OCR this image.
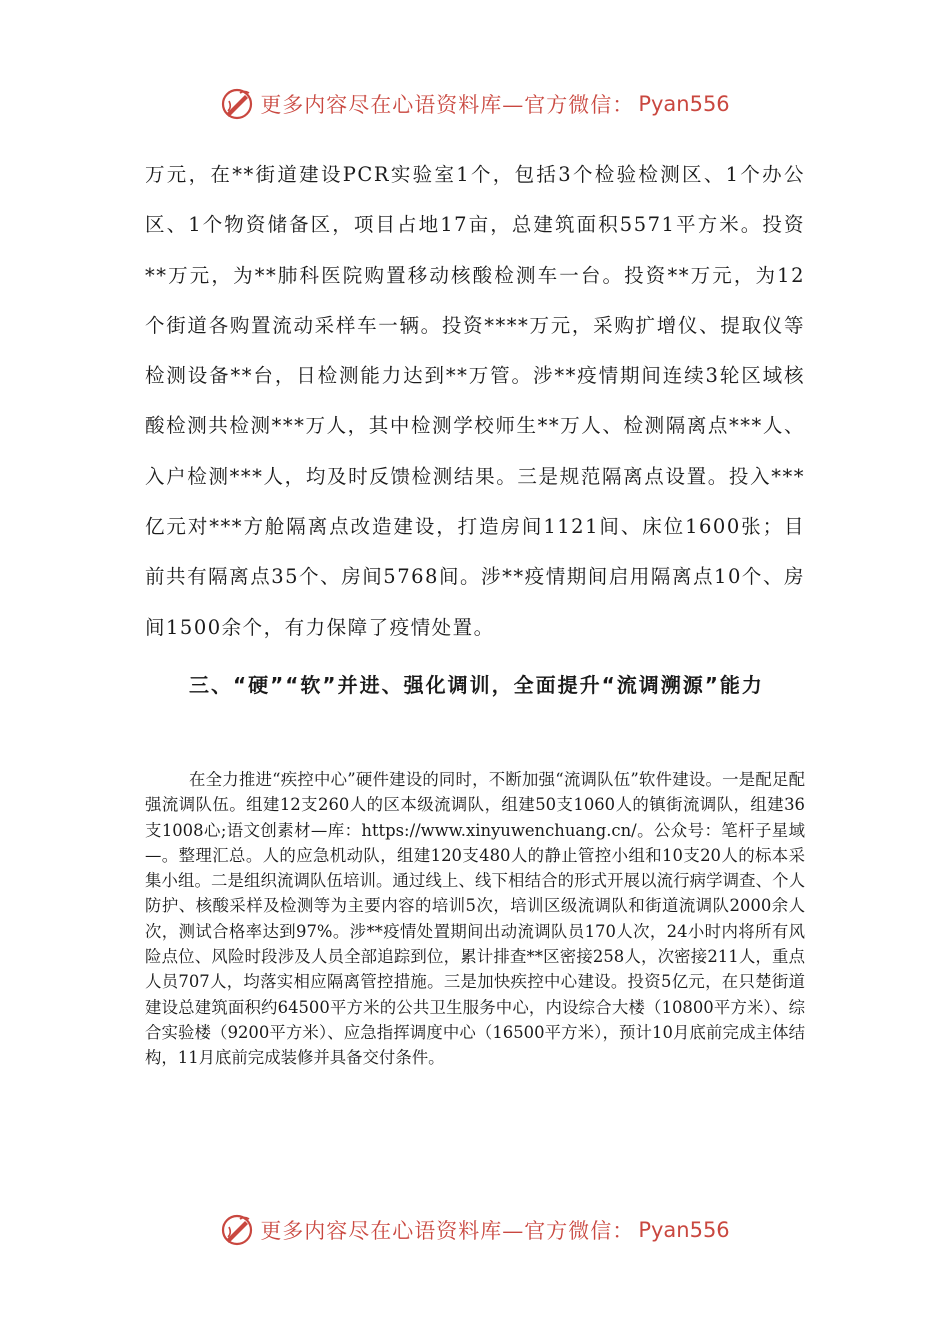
更多内容尽在心语资料库—官方微信： Pyan556

万元，在**街道建设PCR实验室1个，包括3个检验检测区、1个办公区、1个物资储备区，项目占地17亩，总建筑面积5571平方米。投资**万元，为**肺科医院购置移动核酸检测车一台。投资**万元，为12个街道各购置流动采样车一辆。投资****万元，采购扩增仪、提取仪等检测设备**台，日检测能力达到**万管。涉**疫情期间连续3轮区域核酸检测共检测***万人，其中检测学校师生**万人、检测隔离点***人、入户检测***人，均及时反馈检测结果。三是规范隔离点设置。投入***亿元对***方舱隔离点改造建设，打造房间1121间、床位1600张；目前共有隔离点35个、房间5768间。涉**疫情期间启用隔离点10个、房间1500余个，有力保障了疫情处置。

三、“硬”“软”并进、强化调训，全面提升“流调溯源”能力

在全力推进“疾控中心”硬件建设的同时，不断加强“流调队伍”软件建设。一是配足配强流调队伍。组建12支260人的区本级流调队，组建50支1060人的镇街流调队，组建36支1008心;语文创素材—库：https://www.xinyuwenchuang.cn/。公众号：笔杆子星域—。整理汇总。人的应急机动队，组建120支480人的静止管控小组和10支20人的标本采集小组。二是组织流调队伍培训。通过线上、线下相结合的形式开展以流行病学调查、个人防护、核酸采样及检测等为主要内容的培训5次，培训区级流调队和街道流调队2000余人次，测试合格率达到97%。涉**疫情处置期间出动流调队员170人次，24小时内将所有风险点位、风险时段涉及人员全部追踪到位，累计排查**区密接258人，次密接211人，重点人员707人，均落实相应隔离管控措施。三是加快疾控中心建设。投资5亿元，在只楚街道建设总建筑面积约64500平方米的公共卫生服务中心，内设综合大楼（10800平方米）、综合实验楼（9200平方米）、应急指挥调度中心（16500平方米），预计10月底前完成主体结构，11月底前完成装修并具备交付条件。

更多内容尽在心语资料库—官方微信： Pyan556
